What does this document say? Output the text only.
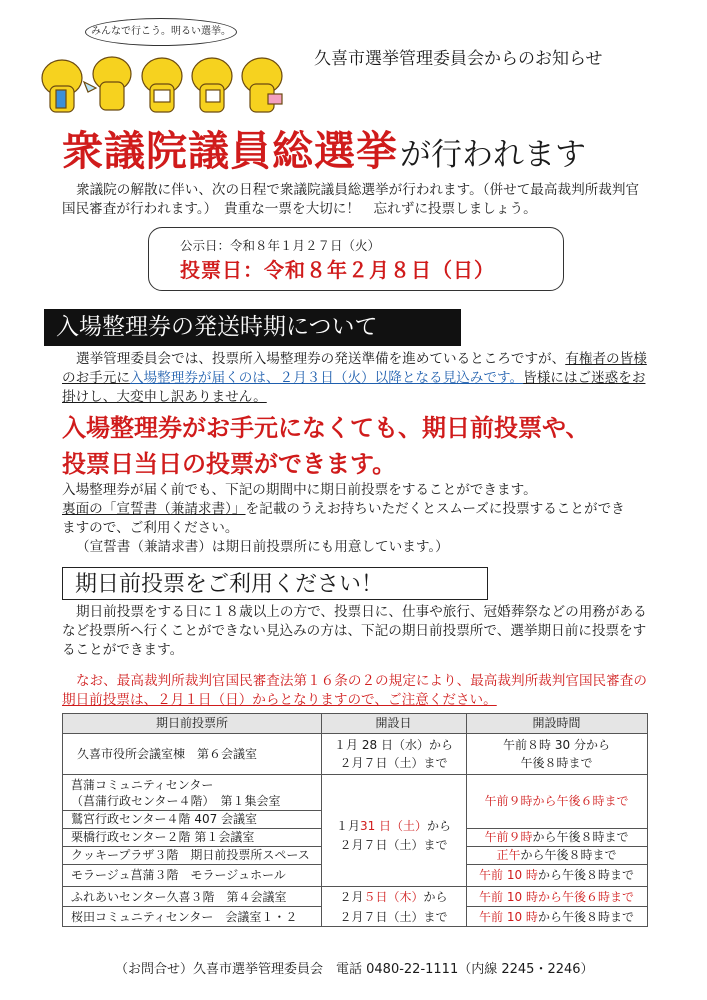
みんなで行こう。明るい選挙。
久喜市選挙管理委員会からのお知らせ
衆議院議員総選挙が行われます
衆議院の解散に伴い、次の日程で衆議院議員総選挙が行われます。（併せて最高裁判所裁判官
国民審査が行われます。）　貴重な一票を大切に！　忘れずに投票しましょう。
公示日：令和８年１月２７日（火）
投票日：令和８年２月８日（日）
入場整理券の発送時期について
選挙管理委員会では、投票所入場整理券の発送準備を進めているところですが、有権者の皆様
のお手元に入場整理券が届くのは、２月３日（火）以降となる見込みです。皆様にはご迷惑をお
掛けし、大変申し訳ありません。
入場整理券がお手元になくても、期日前投票や、
投票日当日の投票ができます。
入場整理券が届く前でも、下記の期間中に期日前投票をすることができます。
裏面の「宣誓書（兼請求書）」を記載のうえお持ちいただくとスムーズに投票することができ
ますので、ご利用ください。
（宣誓書（兼請求書）は期日前投票所にも用意しています。）
期日前投票をご利用ください！
期日前投票をする日に１８歳以上の方で、投票日に、仕事や旅行、冠婚葬祭などの用務がある
など投票所へ行くことができない見込みの方は、下記の期日前投票所で、選挙期日前に投票をす
ることができます。
なお、最高裁判所裁判官国民審査法第１６条の２の規定により、最高裁判所裁判官国民審査の
期日前投票は、２月１日（日）からとなりますので、ご注意ください。
期日前投票所	開設日	開設時間
久喜市役所会議室棟　第６会議室
菖蒲コミュニティセンター
（菖蒲行政センター４階）　第１集会室
鷲宮行政センター４階 407 会議室
栗橋行政センター２階 第１会議室
クッキープラザ３階　期日前投票所スペース
モラージュ菖蒲３階　モラージュホール
ふれあいセンター久喜３階　第４会議室
桜田コミュニティセンター　会議室１・２
１月 28 日（水）から
２月７日（土）まで
１月31 日（土）から
２月７日（土）まで
２月５日（木）から
２月７日（土）まで
午前８時 30 分から
午後８時まで
午前９時から午後６時まで
午前９時から午後８時まで
正午から午後８時まで
午前 10 時から午後８時まで
午前 10 時から午後６時まで
午前 10 時から午後８時まで
（お問合せ）久喜市選挙管理委員会　電話 0480-22-1111（内線 2245・2246）
